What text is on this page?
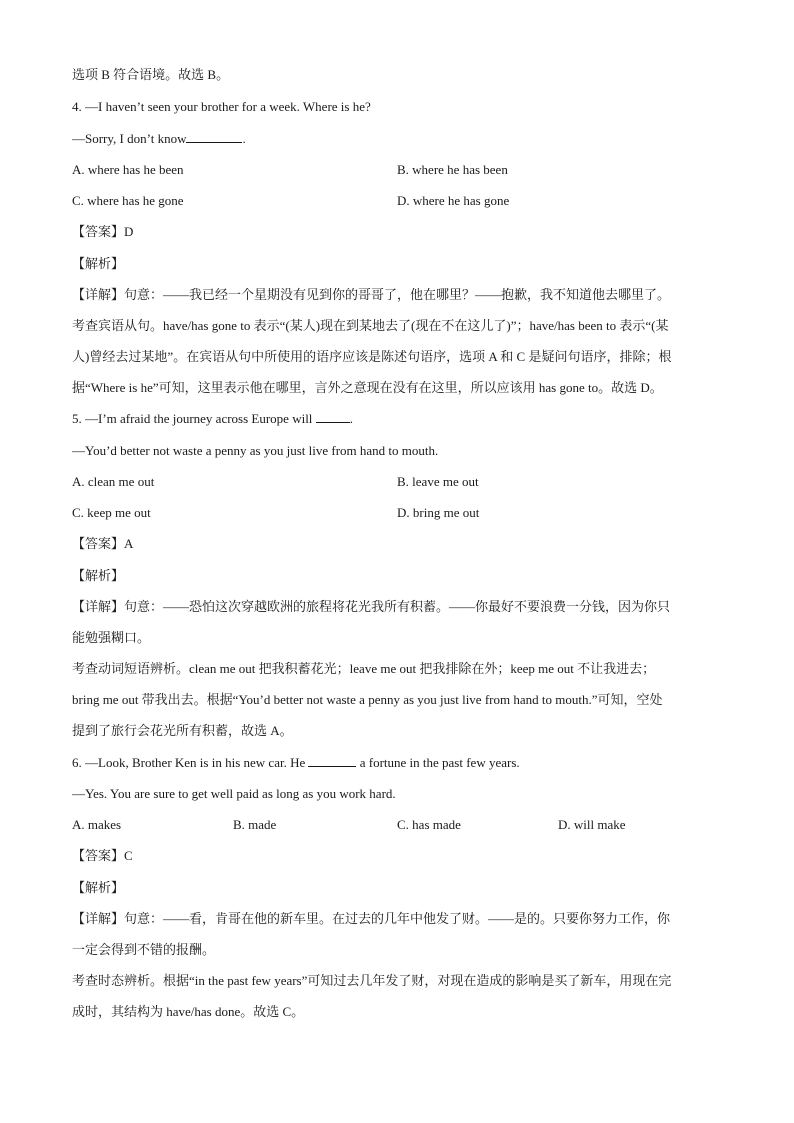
选项 B 符合语境。故选 B。
4. —I haven’t seen your brother for a week. Where is he?
—Sorry, I don’t know	.
A. where has he been	B. where he has been
C. where has he gone	D. where he has gone
【答案】D
【解析】
【详解】句意：——我已经一个星期没有见到你的哥哥了，他在哪里？——抱歉，我不知道他去哪里了。
考查宾语从句。have/has gone to 表示“(某人)现在到某地去了(现在不在这儿了)”；have/has been to 表示“(某
人)曾经去过某地”。在宾语从句中所使用的语序应该是陈述句语序，选项 A 和 C 是疑问句语序，排除；根
据“Where is he”可知，这里表示他在哪里，言外之意现在没有在这里，所以应该用 has gone to。故选 D。
5. —I’m afraid the journey across Europe will	.
—You’d better not waste a penny as you just live from hand to mouth.
A. clean me out	B. leave me out
C. keep me out	D. bring me out
【答案】A
【解析】
【详解】句意：——恐怕这次穿越欧洲的旅程将花光我所有积蓄。——你最好不要浪费一分钱，因为你只
能勉强糊口。
考查动词短语辨析。clean me out 把我积蓄花光；leave me out 把我排除在外；keep me out 不让我进去；
bring me out 带我出去。根据“You’d better not waste a penny as you just live from hand to mouth.”可知，空处
提到了旅行会花光所有积蓄，故选 A。
6. —Look, Brother Ken is in his new car. He	a fortune in the past few years.
—Yes. You are sure to get well paid as long as you work hard.
A. makes	B. made	C. has made	D. will make
【答案】C
【解析】
【详解】句意：——看，肯哥在他的新车里。在过去的几年中他发了财。——是的。只要你努力工作，你
一定会得到不错的报酬。
考查时态辨析。根据“in the past few years”可知过去几年发了财，对现在造成的影响是买了新车，用现在完
成时，其结构为 have/has done。故选 C。
